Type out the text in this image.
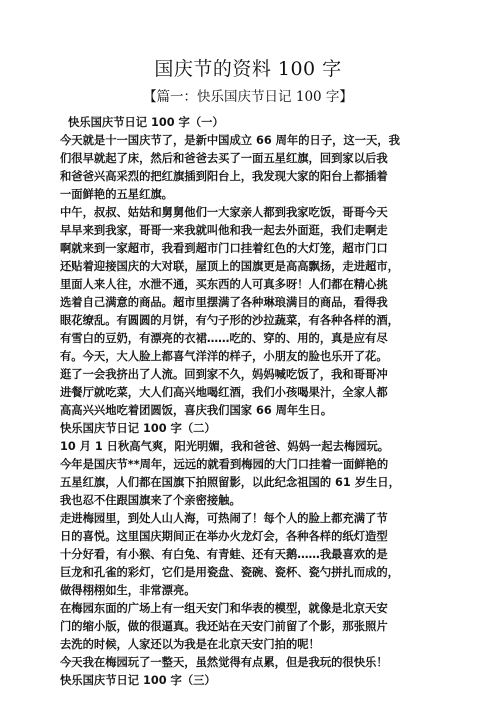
国庆节的资料 100 字
【篇一：快乐国庆节日记 100 字】
快乐国庆节日记 100 字（一）
今天就是十一国庆节了，是新中国成立 66 周年的日子，这一天，我
们很早就起了床，然后和爸爸去买了一面五星红旗，回到家以后我
和爸爸兴高采烈的把红旗插到阳台上，我发现大家的阳台上都插着
一面鲜艳的五星红旗。
中午，叔叔、姑姑和舅舅他们一大家亲人都到我家吃饭，哥哥今天
早早来到我家，哥哥一来我就叫他和我一起去外面逛，我们走啊走
啊就来到一家超市，我看到超市门口挂着红色的大灯笼，超市门口
还贴着迎接国庆的大对联，屋顶上的国旗更是高高飘扬，走进超市，
里面人来人往，水泄不通，买东西的人可真多呀！人们都在精心挑
选着自己满意的商品。超市里摆满了各种琳琅满目的商品，看得我
眼花缭乱。有圆圆的月饼，有勺子形的沙拉蔬菜，有各种各样的酒，
有雪白的豆奶，有漂亮的衣裙……吃的、穿的、用的，真是应有尽
有。今天，大人脸上都喜气洋洋的样子，小朋友的脸也乐开了花。
逛了一会我挤出了人流。回到家不久，妈妈喊吃饭了，我和哥哥冲
进餐厅就吃菜，大人们高兴地喝红酒，我们小孩喝果汁，全家人都
高高兴兴地吃着团圆饭，喜庆我们国家 66 周年生日。
快乐国庆节日记 100 字（二）
10 月 1 日秋高气爽，阳光明媚，我和爸爸、妈妈一起去梅园玩。
今年是国庆节**周年，远远的就看到梅园的大门口挂着一面鲜艳的
五星红旗，人们都在国旗下拍照留影，以此纪念祖国的 61 岁生日，
我也忍不住跟国旗来了个亲密接触。
走进梅园里，到处人山人海，可热闹了！每个人的脸上都充满了节
日的喜悦。这里国庆期间正在举办火龙灯会，各种各样的纸灯造型
十分好看，有小猴、有白兔、有青蛙、还有天鹅……我最喜欢的是
巨龙和孔雀的彩灯，它们是用瓷盘、瓷碗、瓷杯、瓷勺拼扎而成的，
做得栩栩如生，非常漂亮。
在梅园东面的广场上有一组天安门和华表的模型，就像是北京天安
门的缩小版，做的很逼真。我还站在天安门前留了个影，那张照片
去洗的时候，人家还以为我是在北京天安门拍的呢！
今天我在梅园玩了一整天，虽然觉得有点累，但是我玩的很快乐！
快乐国庆节日记 100 字（三）
